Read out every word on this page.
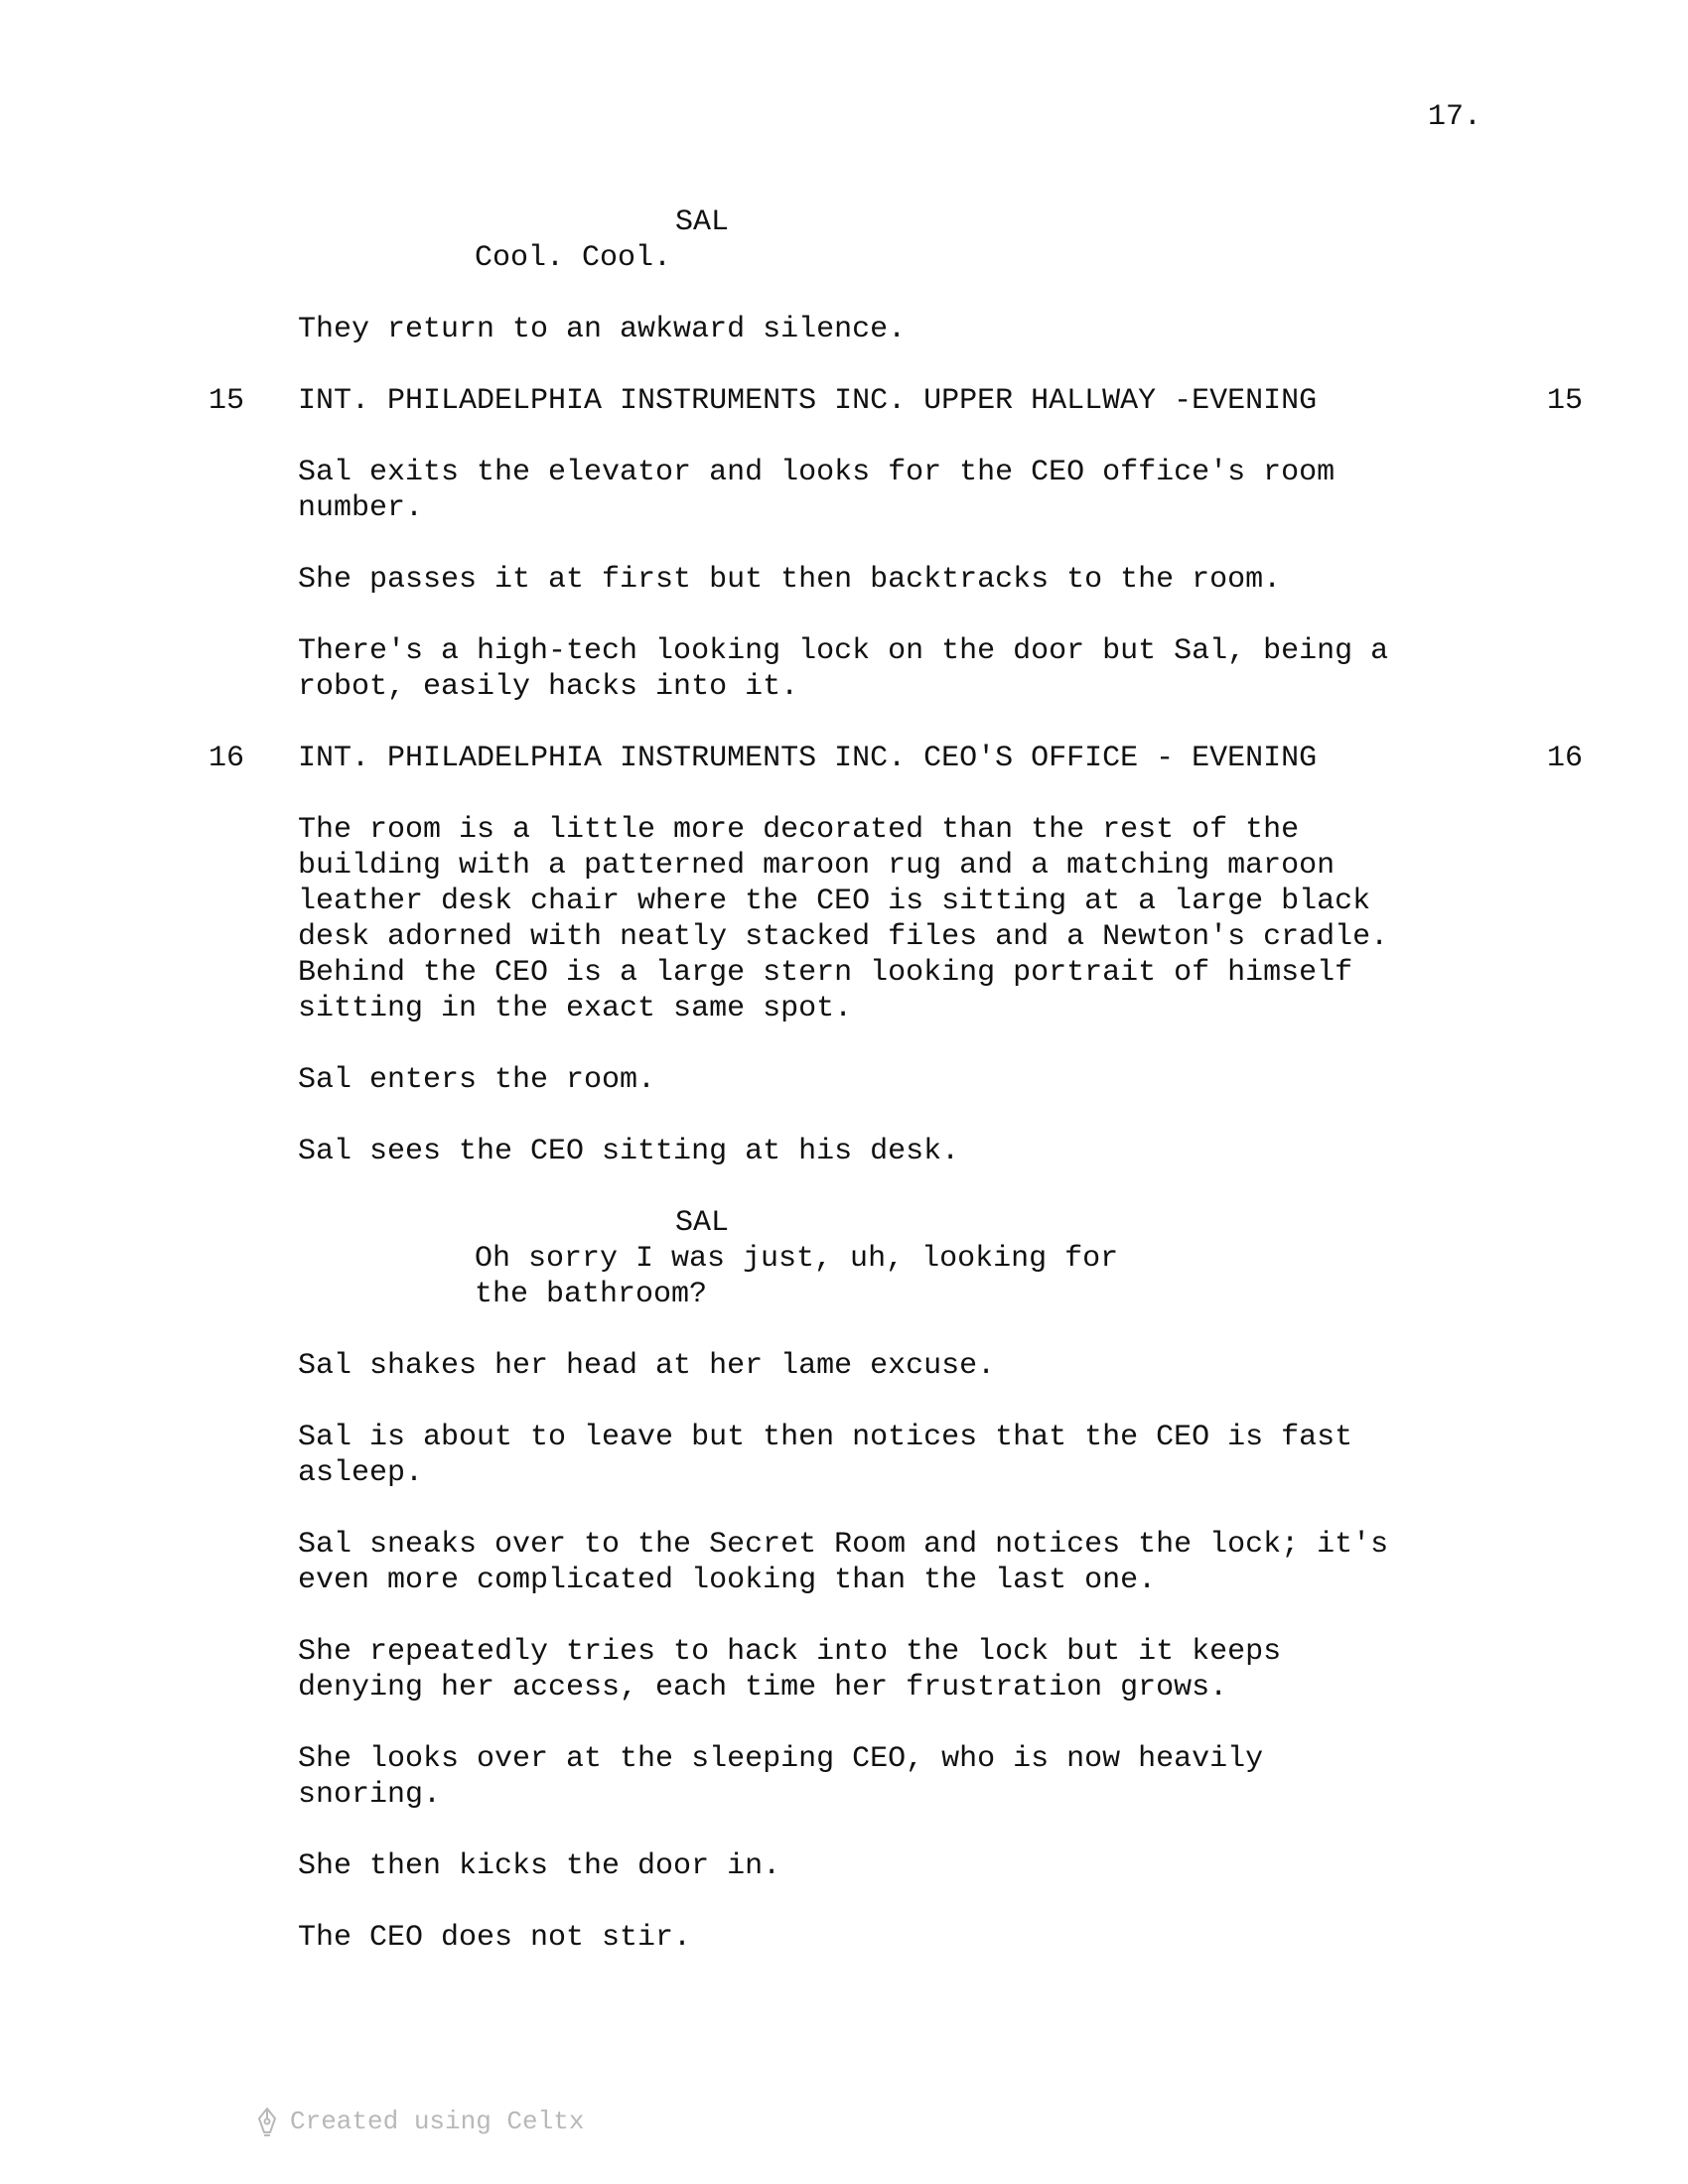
17.
SAL
Cool. Cool.
They return to an awkward silence.
15 INT. PHILADELPHIA INSTRUMENTS INC. UPPER HALLWAY -EVENING	15
Sal exits the elevator and looks for the CEO office's room
number.
She passes it at first but then backtracks to the room.
There's a high-tech looking lock on the door but Sal, being a
robot, easily hacks into it.
16 INT. PHILADELPHIA INSTRUMENTS INC. CEO'S OFFICE - EVENING	16
The room is a little more decorated than the rest of the
building with a patterned maroon rug and a matching maroon
leather desk chair where the CEO is sitting at a large black
desk adorned with neatly stacked files and a Newton's cradle.
Behind the CEO is a large stern looking portrait of himself
sitting in the exact same spot.
Sal enters the room.
Sal sees the CEO sitting at his desk.
SAL
Oh sorry I was just, uh, looking for
the bathroom?
Sal shakes her head at her lame excuse.
Sal is about to leave but then notices that the CEO is fast
asleep.
Sal sneaks over to the Secret Room and notices the lock; it's
even more complicated looking than the last one.
She repeatedly tries to hack into the lock but it keeps
denying her access, each time her frustration grows.
She looks over at the sleeping CEO, who is now heavily
snoring.
She then kicks the door in.
The CEO does not stir.
Created using Celtx
